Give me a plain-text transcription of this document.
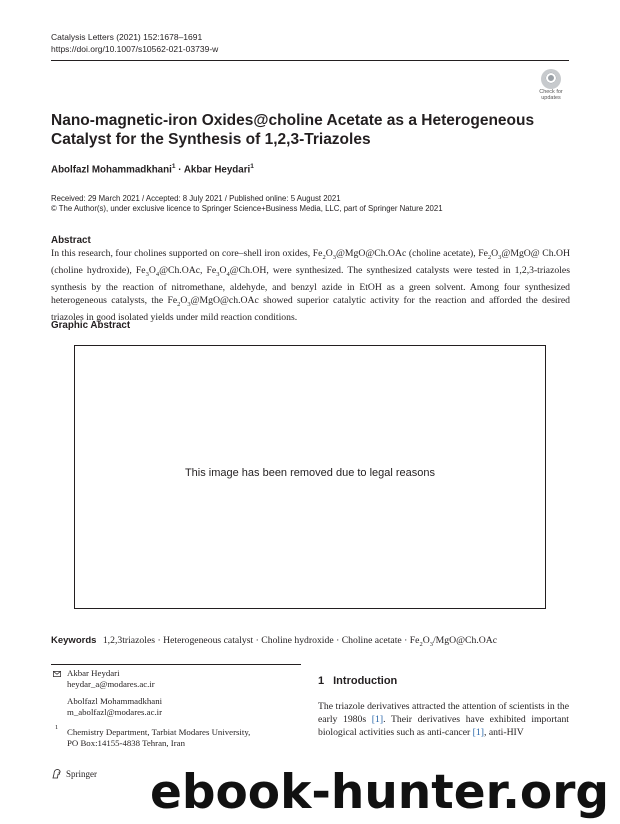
Catalysis Letters (2021) 152:1678–1691
https://doi.org/10.1007/s10562-021-03739-w
Check for
updates
Nano-magnetic-iron Oxides@choline Acetate as a Heterogeneous
Catalyst for the Synthesis of 1,2,3-Triazoles
Abolfazl Mohammadkhani$^1$ · Akbar Heydari$^1$
Received: 29 March 2021 / Accepted: 8 July 2021 / Published online: 5 August 2021
© The Author(s), under exclusive licence to Springer Science+Business Media, LLC, part of Springer Nature 2021
Abstract
In this research, four cholines supported on core–shell iron oxides, $Fe_2O_3@MgO@Ch.OAc$ (choline acetate), $Fe_2O_3@MgO@$ Ch.OH (choline hydroxide), $Fe_3O_4@Ch.OAc$, $Fe_3O_4@Ch.OH$, were synthesized. The synthesized catalysts were tested in 1,2,3-triazoles synthesis by the reaction of nitromethane, aldehyde, and benzyl azide in EtOH as a green solvent. Among four synthesized heterogeneous catalysts, the $Fe_2O_3@MgO@ch.OAc$ showed superior catalytic activity for the reaction and afforded the desired triazoles in good isolated yields under mild reaction conditions.
Graphic Abstract
This image has been removed due to legal reasons
Keywords 1,2,3triazoles · Heterogeneous catalyst · Choline hydroxide · Choline acetate · $Fe_2O_3/MgO@Ch.OAc$
Akbar Heydari
heydar_a@modares.ac.ir
Abolfazl Mohammadkhani
m_abolfazl@modares.ac.ir
1 Chemistry Department, Tarbiat Modares University,
PO Box:14155-4838 Tehran, Iran
1 Introduction
The triazole derivatives attracted the attention of scientists in the early 1980s [1]. Their derivatives have exhibited important biological activities such as anti-cancer [1], anti-HIV
Springer ebook-hunter.org
